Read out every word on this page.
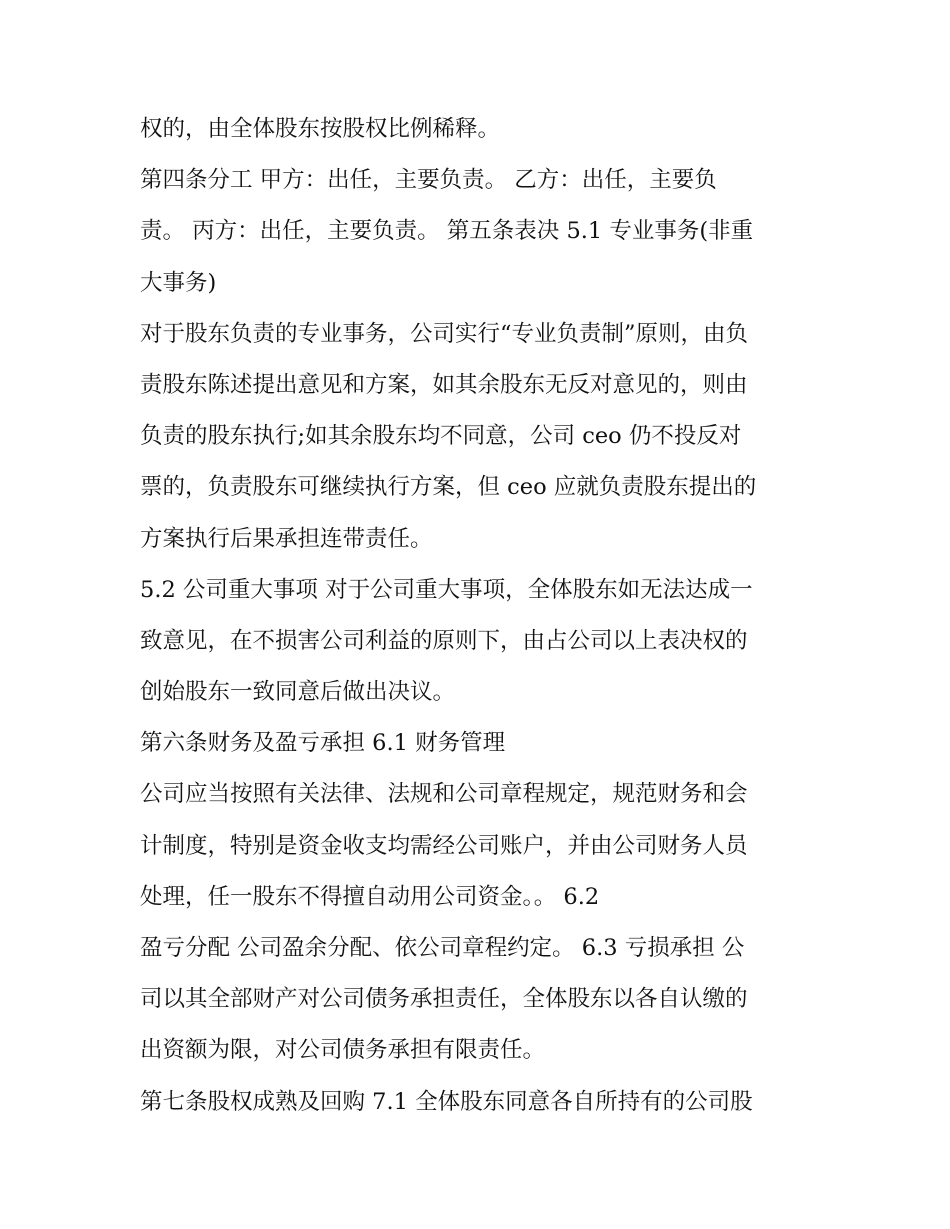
权的，由全体股东按股权比例稀释。

第四条分工 甲方：出任，主要负责。 乙方：出任，主要负
责。 丙方：出任，主要负责。 第五条表决 5.1 专业事务(非重
大事务)

对于股东负责的专业事务，公司实行“专业负责制”原则，由负
责股东陈述提出意见和方案，如其余股东无反对意见的，则由
负责的股东执行;如其余股东均不同意，公司 ceo 仍不投反对
票的，负责股东可继续执行方案，但 ceo 应就负责股东提出的
方案执行后果承担连带责任。

5.2 公司重大事项 对于公司重大事项，全体股东如无法达成一
致意见，在不损害公司利益的原则下，由占公司以上表决权的
创始股东一致同意后做出决议。

第六条财务及盈亏承担 6.1 财务管理

公司应当按照有关法律、法规和公司章程规定，规范财务和会
计制度，特别是资金收支均需经公司账户，并由公司财务人员
处理，任一股东不得擅自动用公司资金。。 6.2

盈亏分配 公司盈余分配、依公司章程约定。 6.3 亏损承担 公
司以其全部财产对公司债务承担责任，全体股东以各自认缴的
出资额为限，对公司债务承担有限责任。

第七条股权成熟及回购 7.1 全体股东同意各自所持有的公司股
